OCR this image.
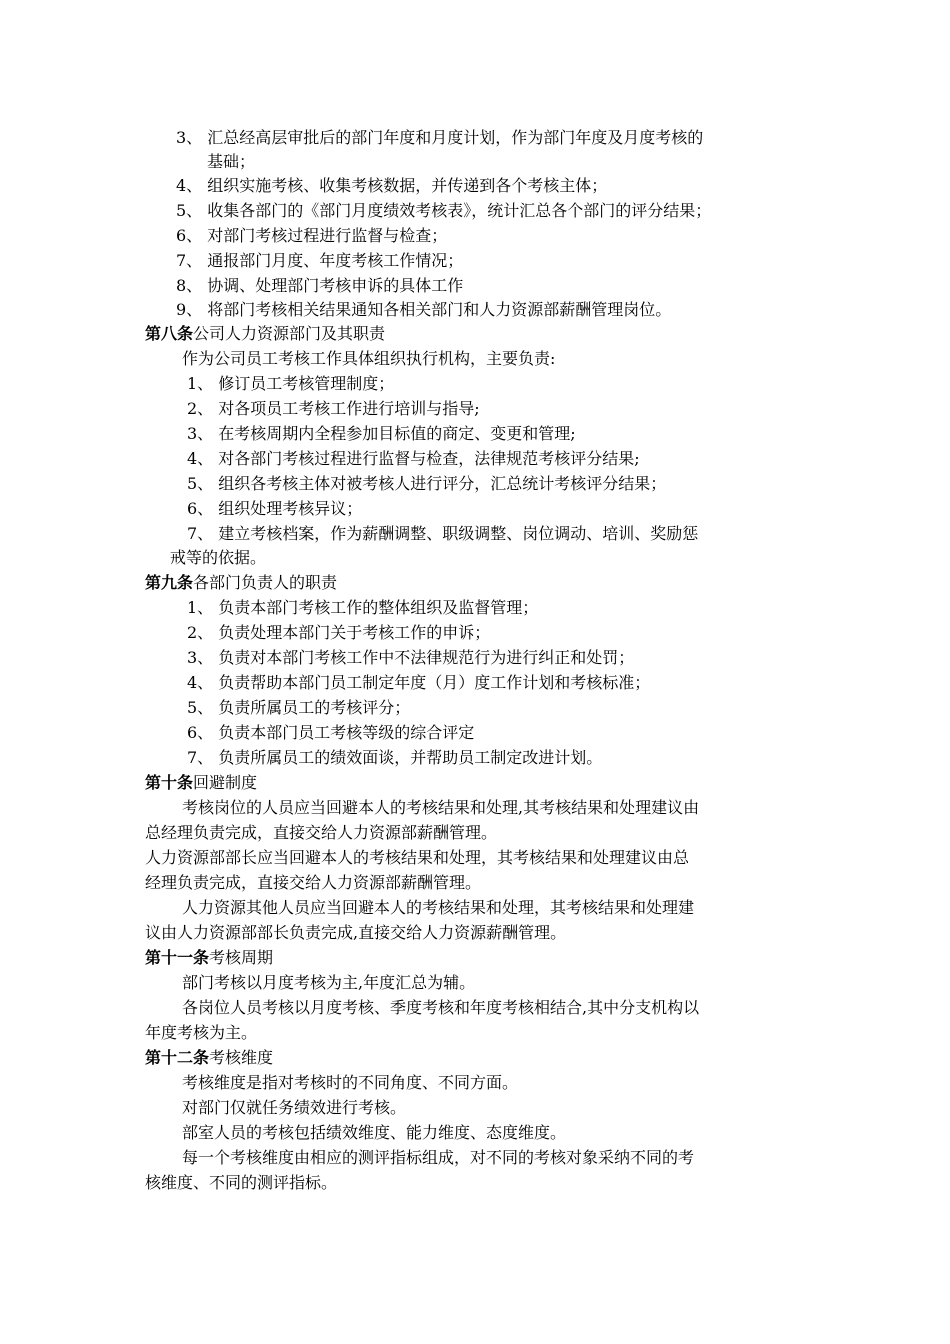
3、 汇总经高层审批后的部门年度和月度计划，作为部门年度及月度考核的

基础；

4、 组织实施考核、收集考核数据，并传递到各个考核主体；

5、 收集各部门的《部门月度绩效考核表》，统计汇总各个部门的评分结果；

6、 对部门考核过程进行监督与检查；

7、 通报部门月度、年度考核工作情况；

8、 协调、处理部门考核申诉的具体工作

9、 将部门考核相关结果通知各相关部门和人力资源部薪酬管理岗位。

第八条公司人力资源部门及其职责

作为公司员工考核工作具体组织执行机构，主要负责:

1、 修订员工考核管理制度；

2、 对各项员工考核工作进行培训与指导;

3、 在考核周期内全程参加目标值的商定、变更和管理;

4、 对各部门考核过程进行监督与检查，法律规范考核评分结果;

5、 组织各考核主体对被考核人进行评分，汇总统计考核评分结果；

6、 组织处理考核异议；

7、 建立考核档案，作为薪酬调整、职级调整、岗位调动、培训、奖励惩

戒等的依据。

第九条各部门负责人的职责

1、 负责本部门考核工作的整体组织及监督管理；

2、 负责处理本部门关于考核工作的申诉；

3、 负责对本部门考核工作中不法律规范行为进行纠正和处罚；

4、 负责帮助本部门员工制定年度（月）度工作计划和考核标准；

5、 负责所属员工的考核评分；

6、 负责本部门员工考核等级的综合评定

7、 负责所属员工的绩效面谈，并帮助员工制定改进计划。

第十条回避制度

考核岗位的人员应当回避本人的考核结果和处理,其考核结果和处理建议由

总经理负责完成，直接交给人力资源部薪酬管理。

人力资源部部长应当回避本人的考核结果和处理，其考核结果和处理建议由总

经理负责完成，直接交给人力资源部薪酬管理。

人力资源其他人员应当回避本人的考核结果和处理，其考核结果和处理建

议由人力资源部部长负责完成,直接交给人力资源薪酬管理。

第十一条考核周期

部门考核以月度考核为主,年度汇总为辅。

各岗位人员考核以月度考核、季度考核和年度考核相结合,其中分支机构以

年度考核为主。

第十二条考核维度

考核维度是指对考核时的不同角度、不同方面。

对部门仅就任务绩效进行考核。

部室人员的考核包括绩效维度、能力维度、态度维度。

每一个考核维度由相应的测评指标组成，对不同的考核对象采纳不同的考

核维度、不同的测评指标。
